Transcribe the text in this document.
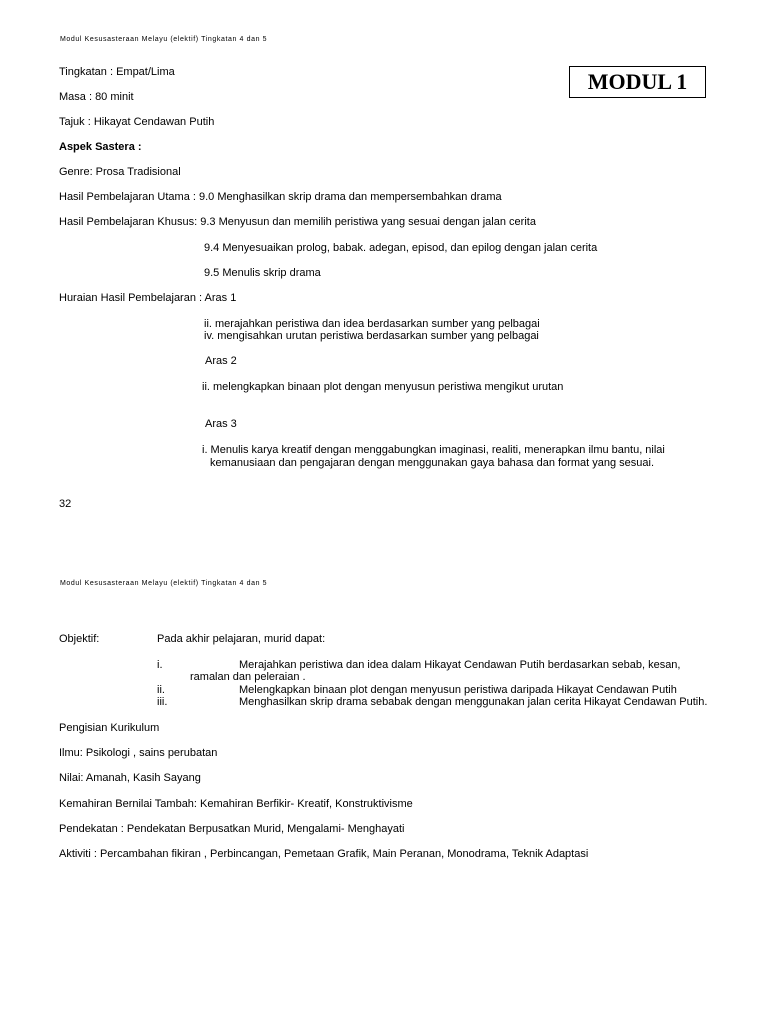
Modul Kesusasteraan Melayu (elektif) Tingkatan 4 dan 5
MODUL 1
Tingkatan : Empat/Lima
Masa : 80 minit
Tajuk : Hikayat Cendawan Putih
Aspek Sastera :
Genre: Prosa Tradisional
Hasil Pembelajaran Utama : 9.0 Menghasilkan skrip drama dan mempersembahkan drama
Hasil Pembelajaran Khusus: 9.3 Menyusun dan memilih peristiwa yang sesuai dengan jalan cerita
9.4 Menyesuaikan prolog, babak. adegan, episod, dan epilog dengan jalan cerita
9.5 Menulis skrip drama
Huraian Hasil Pembelajaran : Aras 1
ii. merajahkan peristiwa dan idea berdasarkan sumber yang pelbagai
iv. mengisahkan urutan peristiwa berdasarkan sumber yang pelbagai
Aras 2
ii. melengkapkan binaan plot dengan menyusun peristiwa mengikut urutan
Aras 3
i. Menulis karya kreatif dengan menggabungkan imaginasi, realiti, menerapkan ilmu bantu, nilai
kemanusiaan dan pengajaran dengan menggunakan gaya bahasa dan format yang sesuai.
32
Modul Kesusasteraan Melayu (elektif) Tingkatan 4 dan 5
Objektif:	Pada akhir pelajaran, murid dapat:
i.	Merajahkan peristiwa dan idea dalam Hikayat Cendawan Putih berdasarkan sebab, kesan,
ramalan dan peleraian .
ii.	Melengkapkan binaan plot dengan menyusun peristiwa daripada Hikayat Cendawan Putih
iii.	Menghasilkan skrip drama sebabak dengan menggunakan jalan cerita Hikayat Cendawan Putih.
Pengisian Kurikulum
Ilmu: Psikologi , sains perubatan
Nilai: Amanah, Kasih Sayang
Kemahiran Bernilai Tambah: Kemahiran Berfikir- Kreatif, Konstruktivisme
Pendekatan : Pendekatan Berpusatkan Murid, Mengalami- Menghayati
Aktiviti : Percambahan fikiran , Perbincangan, Pemetaan Grafik, Main Peranan, Monodrama, Teknik Adaptasi
